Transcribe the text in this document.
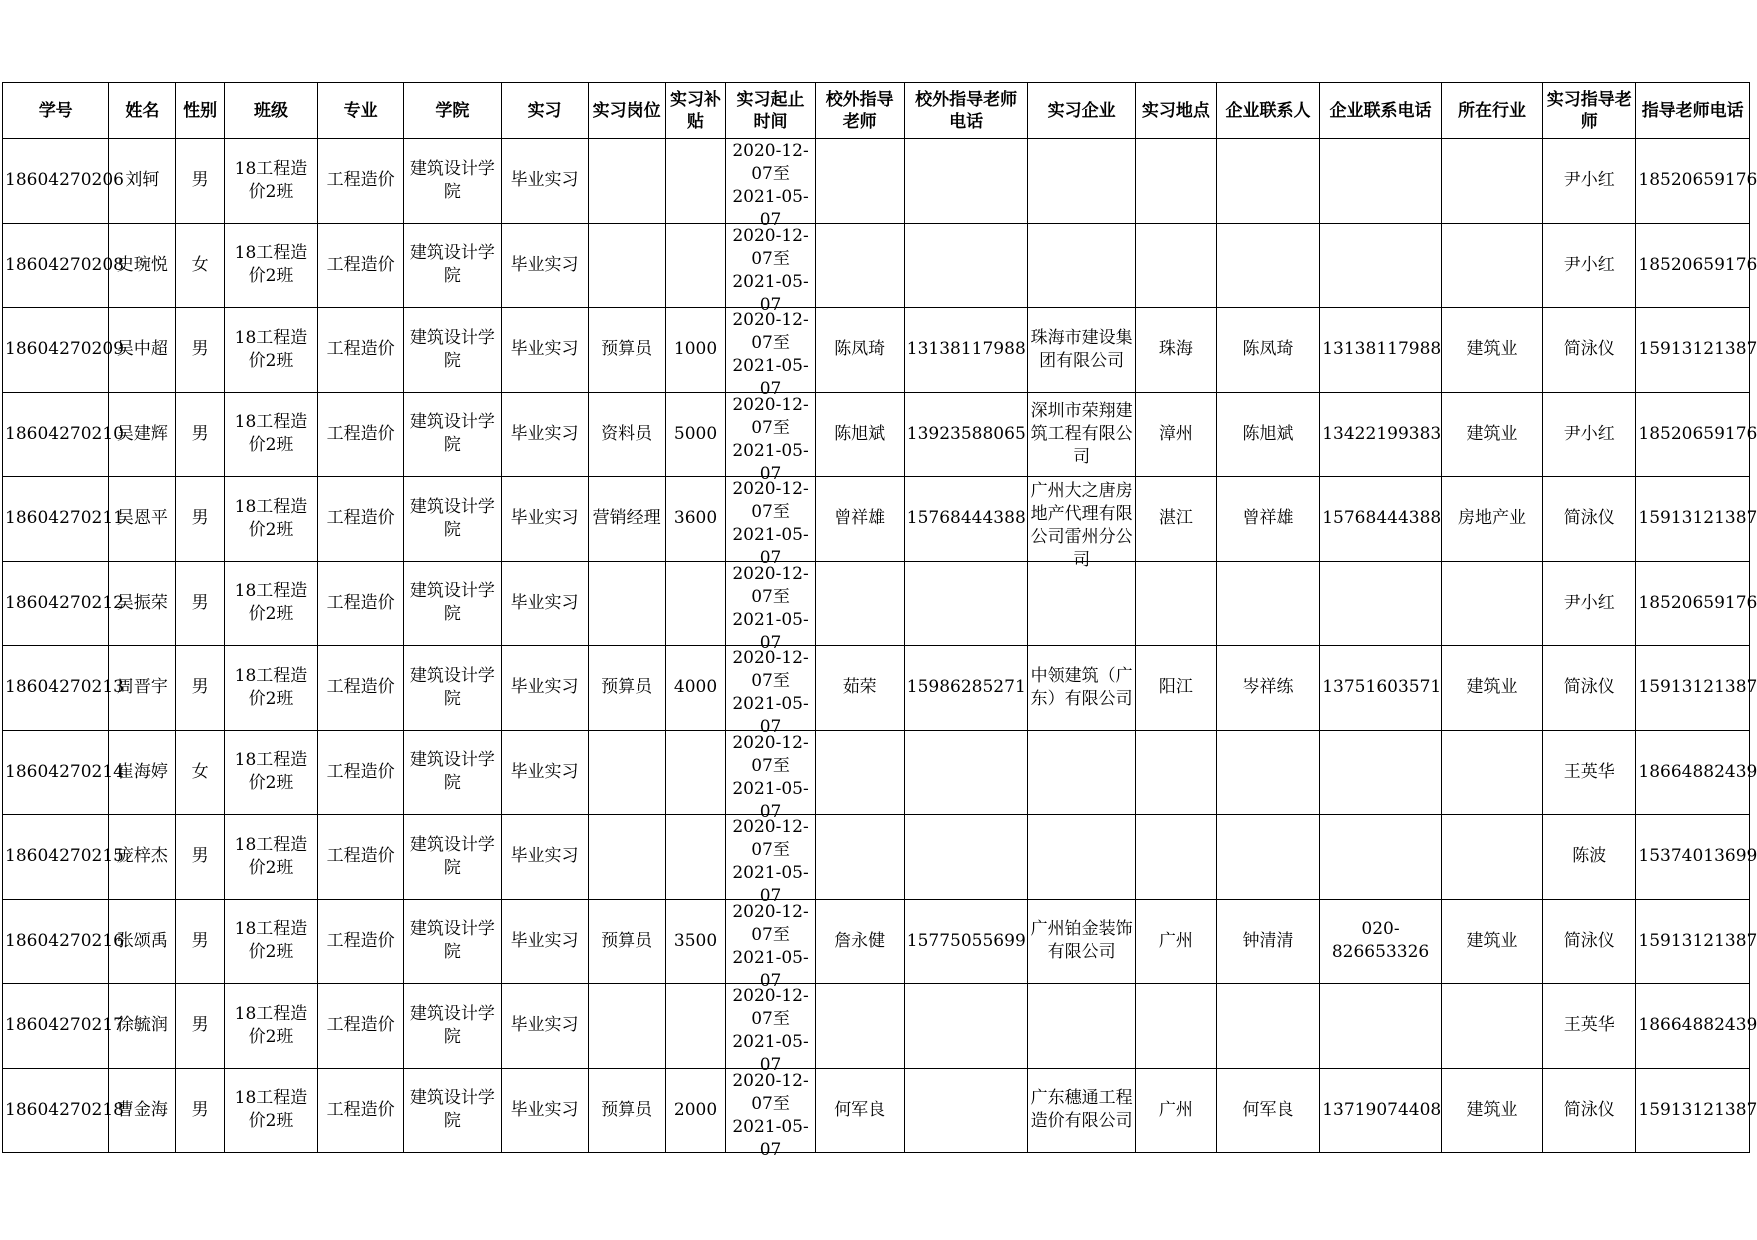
学号	姓名	性别	班级	专业	学院	实习	实习岗位	实习补贴	实习起止时间	校外指导老师	校外指导老师电话	实习企业	实习地点	企业联系人	企业联系电话	所在行业	实习指导老师	指导老师电话
18604270206	刘轲	男	18工程造价2班	工程造价	建筑设计学院	毕业实习			2020-12-07至2021-05-07								尹小红	18520659176
18604270208	史琬悦	女	18工程造价2班	工程造价	建筑设计学院	毕业实习			2020-12-07至2021-05-07								尹小红	18520659176
18604270209	吴中超	男	18工程造价2班	工程造价	建筑设计学院	毕业实习	预算员	1000	2020-12-07至2021-05-07	陈凤琦	13138117988	珠海市建设集团有限公司	珠海	陈凤琦	13138117988	建筑业	简泳仪	15913121387
18604270210	吴建辉	男	18工程造价2班	工程造价	建筑设计学院	毕业实习	资料员	5000	2020-12-07至2021-05-07	陈旭斌	13923588065	深圳市荣翔建筑工程有限公司	漳州	陈旭斌	13422199383	建筑业	尹小红	18520659176
18604270211	吴恩平	男	18工程造价2班	工程造价	建筑设计学院	毕业实习	营销经理	3600	2020-12-07至2021-05-07	曾祥雄	15768444388	广州大之唐房地产代理有限公司雷州分公司	湛江	曾祥雄	15768444388	房地产业	简泳仪	15913121387
18604270212	吴振荣	男	18工程造价2班	工程造价	建筑设计学院	毕业实习			2020-12-07至2021-05-07								尹小红	18520659176
18604270213	周晋宇	男	18工程造价2班	工程造价	建筑设计学院	毕业实习	预算员	4000	2020-12-07至2021-05-07	茹荣	15986285271	中领建筑（广东）有限公司	阳江	岑祥练	13751603571	建筑业	简泳仪	15913121387
18604270214	崔海婷	女	18工程造价2班	工程造价	建筑设计学院	毕业实习			2020-12-07至2021-05-07								王英华	18664882439
18604270215	庞梓杰	男	18工程造价2班	工程造价	建筑设计学院	毕业实习			2020-12-07至2021-05-07								陈波	15374013699
18604270216	张颂禹	男	18工程造价2班	工程造价	建筑设计学院	毕业实习	预算员	3500	2020-12-07至2021-05-07	詹永健	15775055699	广州铂金装饰有限公司	广州	钟清清	020-826653326	建筑业	简泳仪	15913121387
18604270217	徐毓润	男	18工程造价2班	工程造价	建筑设计学院	毕业实习			2020-12-07至2021-05-07								王英华	18664882439
18604270218	曹金海	男	18工程造价2班	工程造价	建筑设计学院	毕业实习	预算员	2000	2020-12-07至2021-05-07	何军良		广东穗通工程造价有限公司	广州	何军良	13719074408	建筑业	简泳仪	15913121387
